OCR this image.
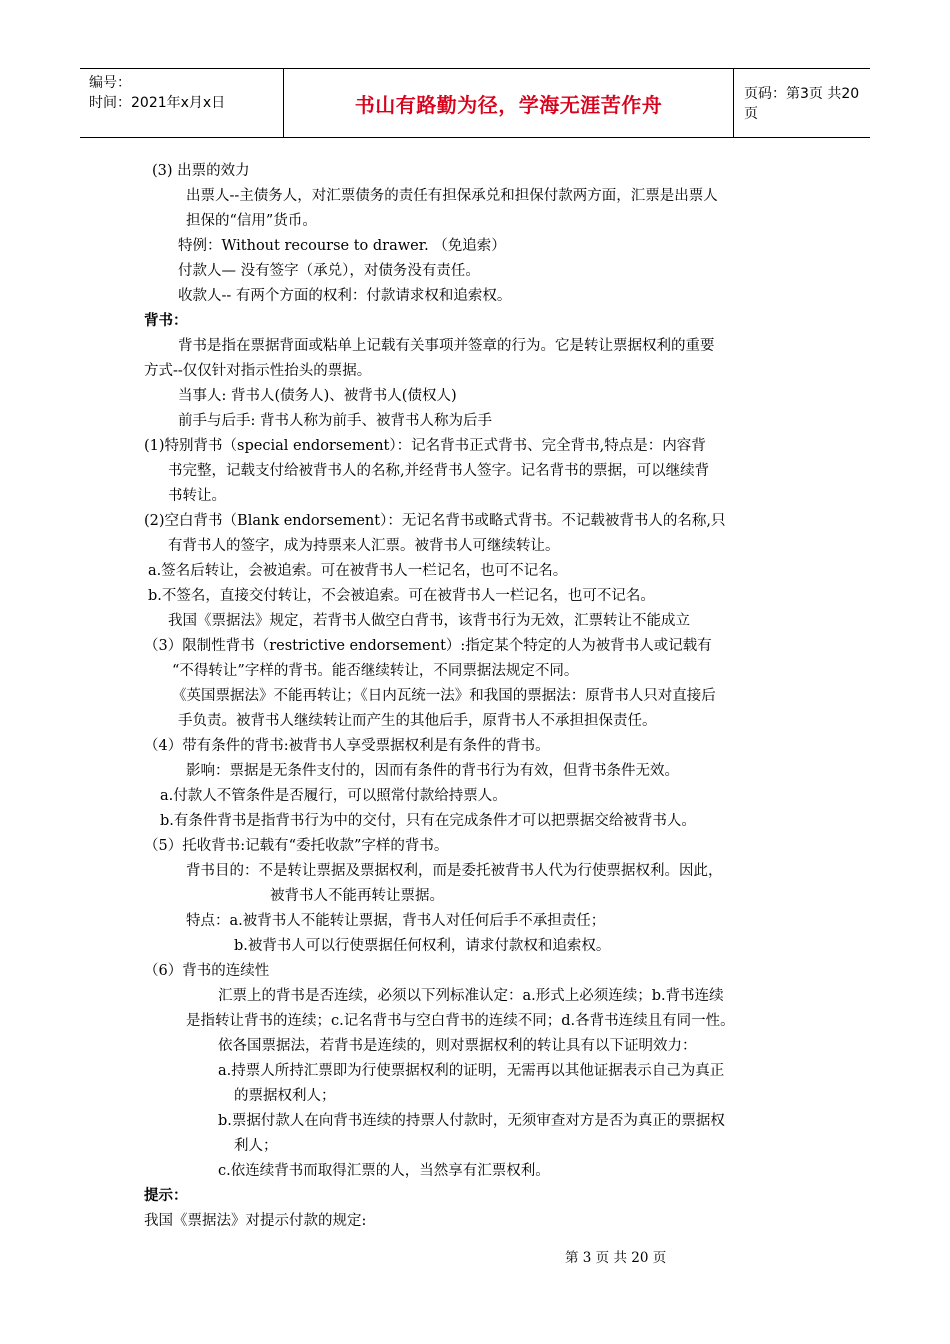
编号：
时间：2021年x月x日	书山有路勤为径，学海无涯苦作舟	页码：第3页 共20页
(3) 出票的效力
出票人--主债务人，对汇票债务的责任有担保承兑和担保付款两方面，汇票是出票人
担保的“信用”货币。
特例：Without recourse to drawer. （免追索）
付款人— 没有签字（承兑），对债务没有责任。
收款人-- 有两个方面的权利：付款请求权和追索权。
背书：
背书是指在票据背面或粘单上记载有关事项并签章的行为。它是转让票据权利的重要
方式--仅仅针对指示性抬头的票据。
当事人: 背书人(债务人)、被背书人(债权人)
前手与后手: 背书人称为前手、被背书人称为后手
(1)特别背书（special endorsement）：记名背书正式背书、完全背书,特点是：内容背
书完整，记载支付给被背书人的名称,并经背书人签字。记名背书的票据，可以继续背
书转让。
(2)空白背书（Blank endorsement）：无记名背书或略式背书。不记载被背书人的名称,只
有背书人的签字，成为持票来人汇票。被背书人可继续转让。
a.签名后转让，会被追索。可在被背书人一栏记名，也可不记名。
b.不签名，直接交付转让，不会被追索。可在被背书人一栏记名，也可不记名。
我国《票据法》规定，若背书人做空白背书，该背书行为无效，汇票转让不能成立
（3）限制性背书（restrictive endorsement）:指定某个特定的人为被背书人或记载有
“不得转让”字样的背书。能否继续转让，不同票据法规定不同。
《英国票据法》不能再转让；《日内瓦统一法》和我国的票据法：原背书人只对直接后
手负责。被背书人继续转让而产生的其他后手，原背书人不承担担保责任。
（4）带有条件的背书:被背书人享受票据权利是有条件的背书。
影响：票据是无条件支付的，因而有条件的背书行为有效，但背书条件无效。
a.付款人不管条件是否履行，可以照常付款给持票人。
b.有条件背书是指背书行为中的交付，只有在完成条件才可以把票据交给被背书人。
（5）托收背书:记载有“委托收款”字样的背书。
背书目的：不是转让票据及票据权利，而是委托被背书人代为行使票据权利。因此，
被背书人不能再转让票据。
特点：a.被背书人不能转让票据，背书人对任何后手不承担责任；
b.被背书人可以行使票据任何权利，请求付款权和追索权。
（6）背书的连续性
汇票上的背书是否连续，必须以下列标准认定：a.形式上必须连续；b.背书连续
是指转让背书的连续；c.记名背书与空白背书的连续不同；d.各背书连续且有同一性。
依各国票据法，若背书是连续的，则对票据权利的转让具有以下证明效力：
a.持票人所持汇票即为行使票据权利的证明，无需再以其他证据表示自己为真正
的票据权利人；
b.票据付款人在向背书连续的持票人付款时，无须审查对方是否为真正的票据权
利人；
c.依连续背书而取得汇票的人，当然享有汇票权利。
提示：
我国《票据法》对提示付款的规定:
第 3 页 共 20 页
